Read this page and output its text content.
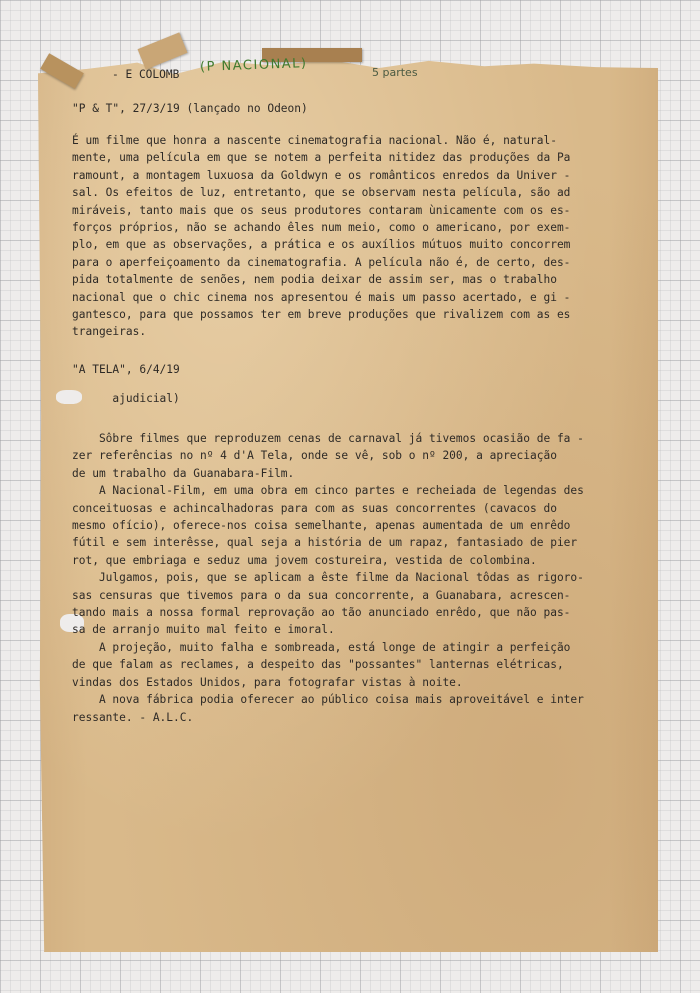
- E COLOMB (P NACIONAL)	5 partes
"P & T", 27/3/19 (lançado no Odeon)
É um filme que honra a nascente cinematografia nacional. Não é, natural-
mente, uma película em que se notem a perfeita nitidez das produções da Pa
ramount, a montagem luxuosa da Goldwyn e os românticos enredos da Univer -
sal. Os efeitos de luz, entretanto, que se observam nesta película, são ad
miráveis, tanto mais que os seus produtores contaram ùnicamente com os es-
forços próprios, não se achando êles num meio, como o americano, por exem-
plo, em que as observações, a prática e os auxílios mútuos muito concorrem
para o aperfeiçoamento da cinematografia. A película não é, de certo, des-
pida totalmente de senões, nem podia deixar de assim ser, mas o trabalho
nacional que o chic cinema nos apresentou é mais um passo acertado, e gi -
gantesco, para que possamos ter em breve produções que rivalizem com as es
trangeiras.
"A TELA", 6/4/19
ajudicial)
Sôbre filmes que reproduzem cenas de carnaval já tivemos ocasião de fa -
zer referências no nº 4 d'A Tela, onde se vê, sob o nº 200, a apreciação
de um trabalho da Guanabara-Film.
A Nacional-Film, em uma obra em cinco partes e recheiada de legendas des
conceituosas e achincalhadoras para com as suas concorrentes (cavacos do
mesmo ofício), oferece-nos coisa semelhante, apenas aumentada de um enrêdo
fútil e sem interêsse, qual seja a história de um rapaz, fantasiado de pier
rot, que embriaga e seduz uma jovem costureira, vestida de colombina.
Julgamos, pois, que se aplicam a êste filme da Nacional tôdas as rigoro-
sas censuras que tivemos para o da sua concorrente, a Guanabara, acrescen-
tando mais a nossa formal reprovação ao tão anunciado enrêdo, que não pas-
sa de arranjo muito mal feito e imoral.
A projeção, muito falha e sombreada, está longe de atingir a perfeição
de que falam as reclames, a despeito das "possantes" lanternas elétricas,
vindas dos Estados Unidos, para fotografar vistas à noite.
A nova fábrica podia oferecer ao público coisa mais aproveitável e inter
ressante. - A.L.C.
